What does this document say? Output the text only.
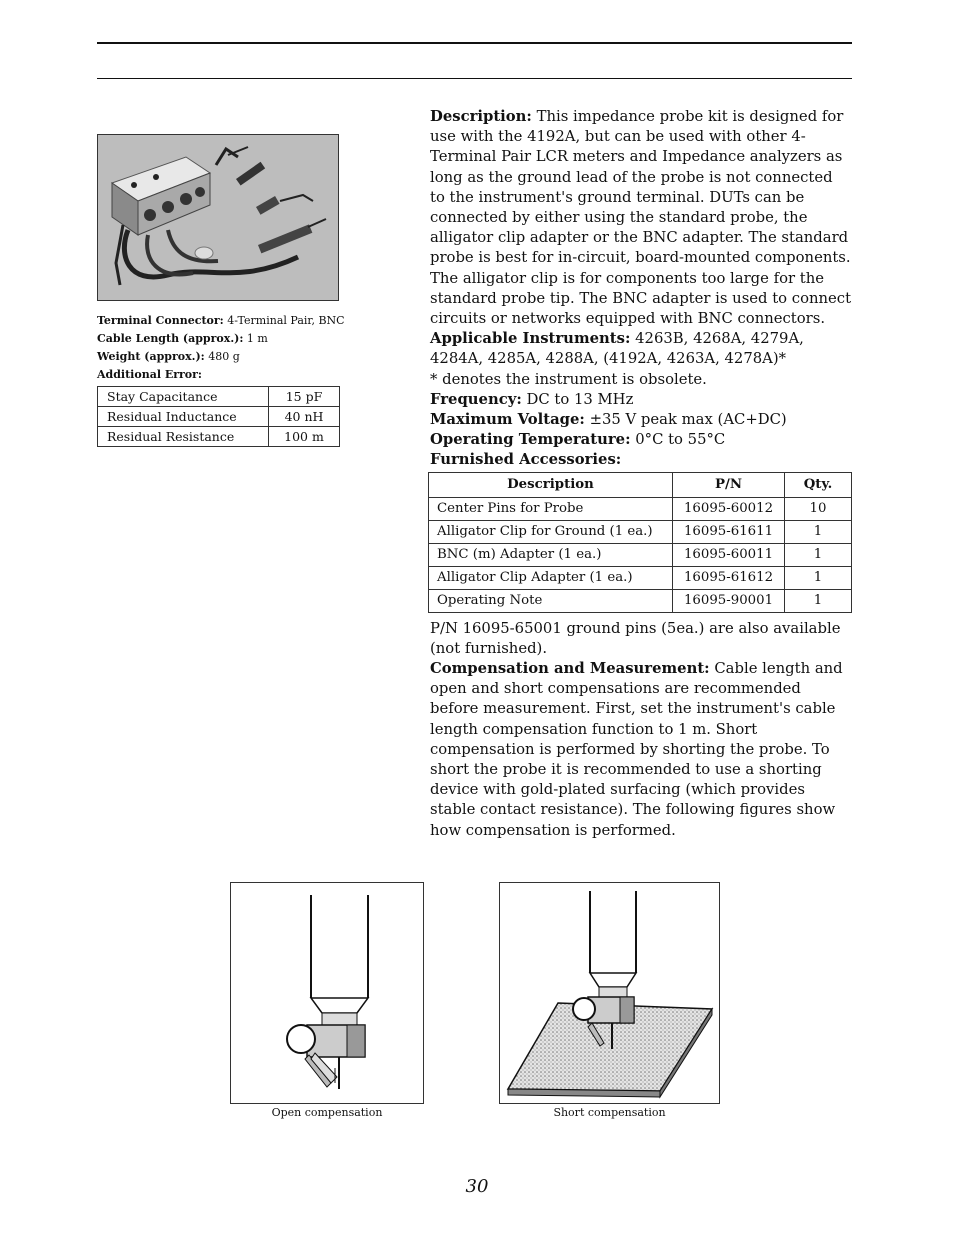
Terminal Connector: 4-Terminal Pair, BNC
Cable Length (approx.): 1 m
Weight (approx.): 480 g
Additional Error:
Stay Capacitance	15 pF
Residual Inductance	40 nH
Residual Resistance	100 m

Description: This impedance probe kit is designed for use with the 4192A, but can be used with other 4-Terminal Pair LCR meters and Impedance analyzers as long as the ground lead of the probe is not connected to the instrument's ground terminal. DUTs can be connected by either using the standard probe, the alligator clip adapter or the BNC adapter. The standard probe is best for in-circuit, board-mounted components. The alligator clip is for components too large for the standard probe tip. The BNC adapter is used to connect circuits or networks equipped with BNC connectors.

Applicable Instruments: 4263B, 4268A, 4279A, 4284A, 4285A, 4288A, (4192A, 4263A, 4278A)*

* denotes the instrument is obsolete.

Frequency: DC to 13 MHz

Maximum Voltage: ±35 V peak max (AC+DC)

Operating Temperature: 0°C to 55°C

Furnished Accessories:

Description	P/N	Qty.
Center Pins for Probe	16095-60012	10
Alligator Clip for Ground (1 ea.)	16095-61611	1
BNC (m) Adapter (1 ea.)	16095-60011	1
Alligator Clip Adapter (1 ea.)	16095-61612	1
Operating Note	16095-90001	1

P/N 16095-65001 ground pins (5ea.) are also available (not furnished).

Compensation and Measurement: Cable length and open and short compensations are recommended before measurement. First, set the instrument's cable length compensation function to 1 m. Short compensation is performed by shorting the probe. To short the probe it is recommended to use a shorting device with gold-plated surfacing (which provides stable contact resistance). The following figures show how compensation is performed.

Open compensation	Short compensation
30
